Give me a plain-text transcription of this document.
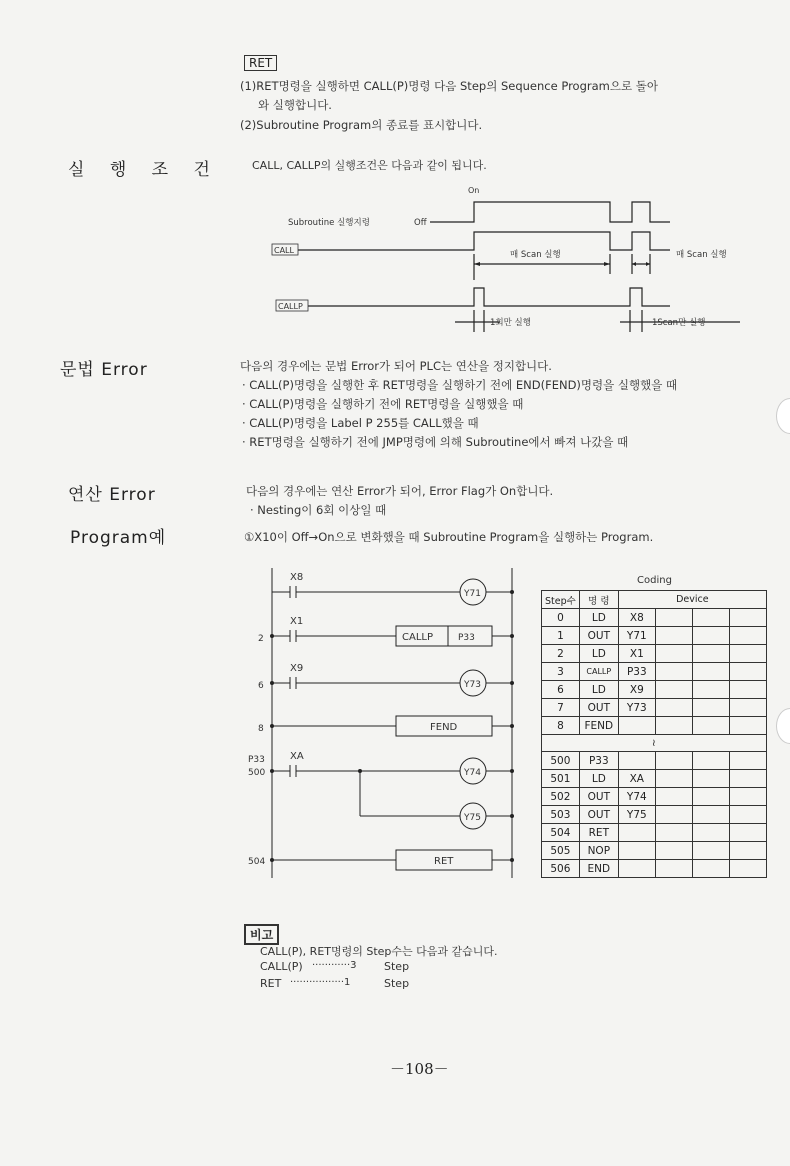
RET
(1)RET명령을 실행하면 CALL(P)명령 다음 Step의 Sequence Program으로 돌아
와 실행합니다.
(2)Subroutine Program의 종료를 표시합니다.
실 행 조 건	CALL, CALLP의 실행조건은 다음과 같이 됩니다.
On
Subroutine 실행지령	Off
CALL	매 Scan 실행	매 Scan 실행
CALLP
1회만 실행	1Scan만 실행
문법 Error	다음의 경우에는 문법 Error가 되어 PLC는 연산을 정지합니다.
· CALL(P)명령을 실행한 후 RET명령을 실행하기 전에 END(FEND)명령을 실행했을 때
· CALL(P)명령을 실행하기 전에 RET명령을 실행했을 때
· CALL(P)명령을 Label P 255를 CALL했을 때
· RET명령을 실행하기 전에 JMP명령에 의해 Subroutine에서 빠져 나갔을 때
연산 Error	다음의 경우에는 연산 Error가 되어, Error Flag가 On합니다.
· Nesting이 6회 이상일 때
Program예	①X10이 Off→On으로 변화했을 때 Subroutine Program을 실행하는 Program.
X8
X1
X9
XA
Y71
Y73
Y74
Y75
CALLP	P33
FEND
RET
2
6
8
P33
500
504
Coding
Step수	명 령	Device			
0	LD	X8			
1	OUT	Y71			
2	LD	X1			
3	CALLP	P33			
6	LD	X9			
7	OUT	Y73			
8	FEND				
≀					
500	P33				
501	LD	XA			
502	OUT	Y74			
503	OUT	Y75			
504	RET				
505	NOP				
506	END				
비고
CALL(P), RET명령의 Step수는 다음과 같습니다.
CALL(P) ············3 Step
RET ·················1	Step
－108－
